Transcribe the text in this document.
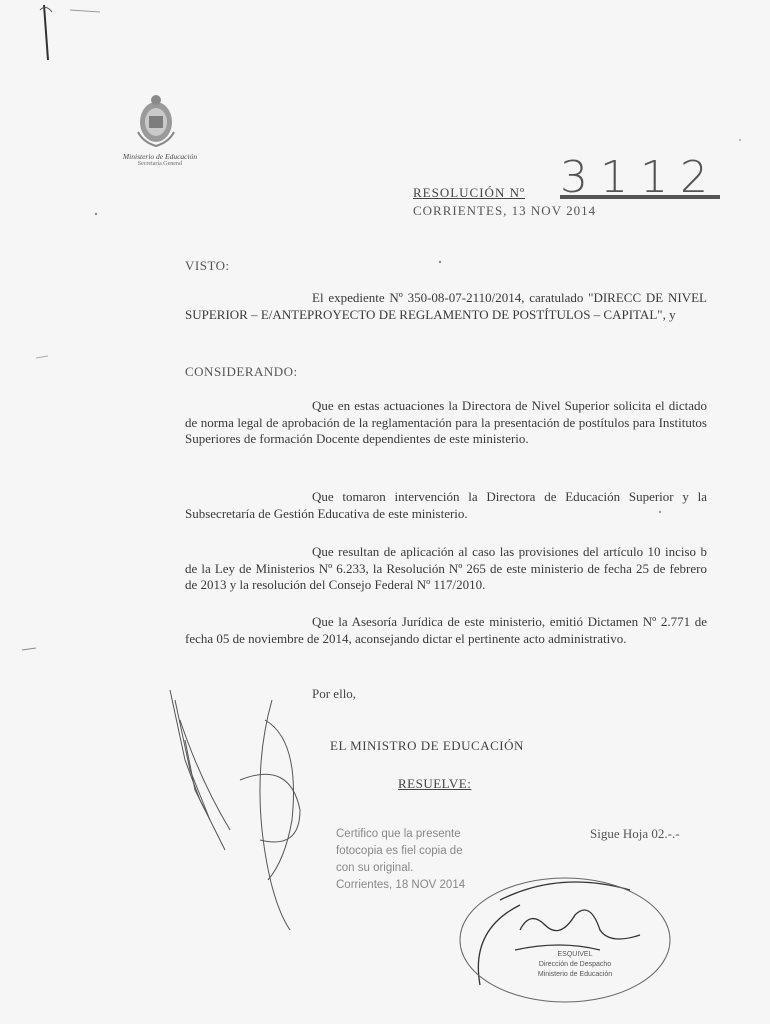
Ministerio de Educación
Secretaría General
RESOLUCIÓN Nº 3112
CORRIENTES, 13 NOV 2014
VISTO:
El expediente Nº 350-08-07-2110/2014, caratulado "DIRECC DE NIVEL SUPERIOR – E/ANTEPROYECTO DE REGLAMENTO DE POSTÍTULOS – CAPITAL", y
CONSIDERANDO:
Que en estas actuaciones la Directora de Nivel Superior solicita el dictado de norma legal de aprobación de la reglamentación para la presentación de postítulos para Institutos Superiores de formación Docente dependientes de este ministerio.
Que tomaron intervención la Directora de Educación Superior y la Subsecretaría de Gestión Educativa de este ministerio.
Que resultan de aplicación al caso las provisiones del artículo 10 inciso b de la Ley de Ministerios Nº 6.233, la Resolución Nº 265 de este ministerio de fecha 25 de febrero de 2013 y la resolución del Consejo Federal Nº 117/2010.
Que la Asesoría Jurídica de este ministerio, emitió Dictamen Nº 2.771 de fecha 05 de noviembre de 2014, aconsejando dictar el pertinente acto administrativo.
Por ello,
EL MINISTRO DE EDUCACIÓN
RESUELVE:
Sigue Hoja 02.-.-
Certifico que la presente
fotocopia es fiel copia de
con su original.
Corrientes, 18 NOV 2014
ESQUIVEL
Dirección de Despacho
Ministerio de Educación
